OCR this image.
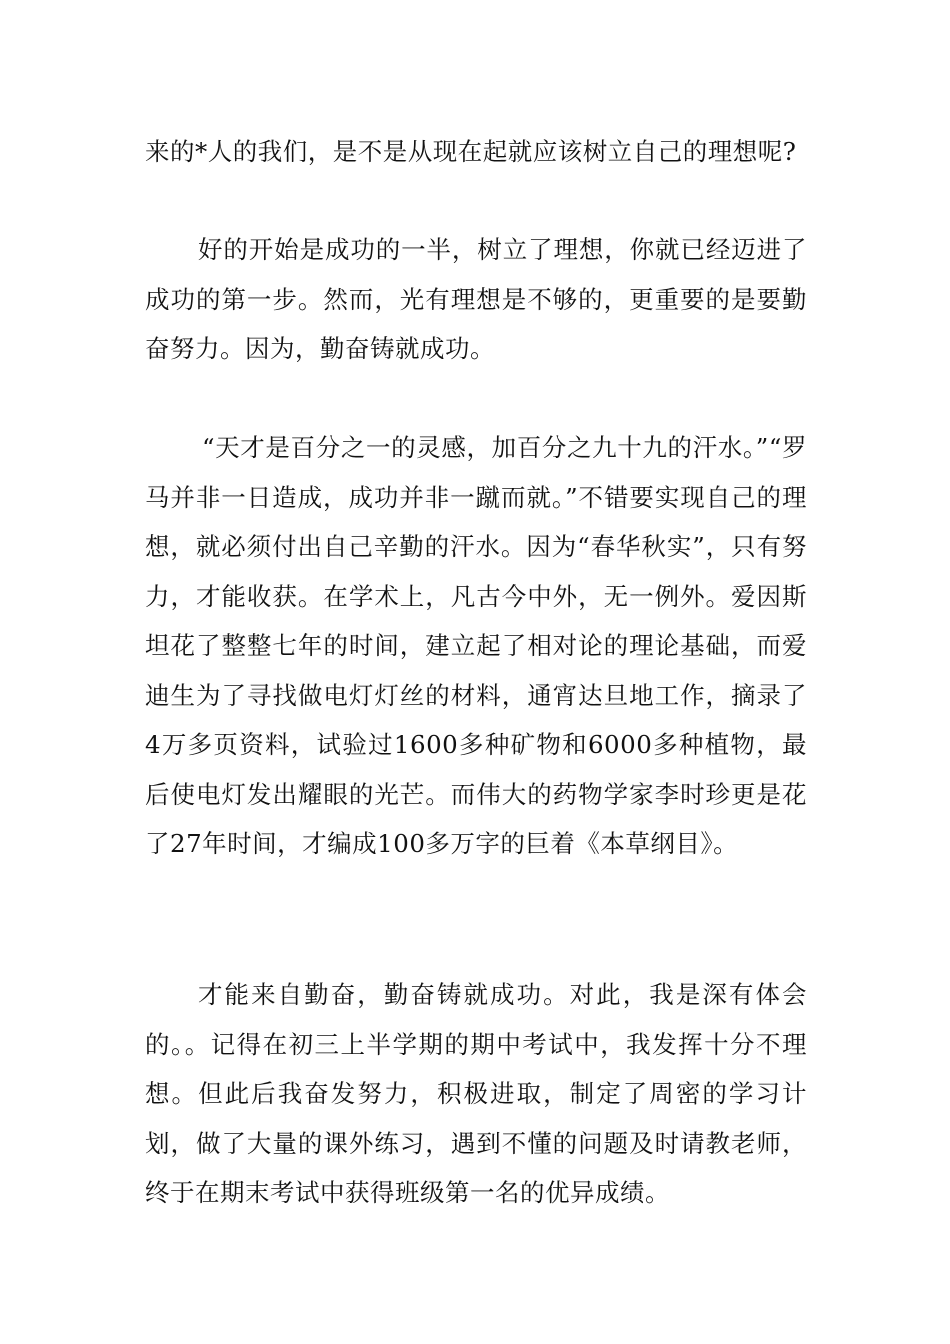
来的*人的我们，是不是从现在起就应该树立自己的理想呢?

好的开始是成功的一半，树立了理想，你就已经迈进了成功的第一步。然而，光有理想是不够的，更重要的是要勤奋努力。因为，勤奋铸就成功。

“天才是百分之一的灵感，加百分之九十九的汗水。”“罗马并非一日造成，成功并非一蹴而就。”不错要实现自己的理想，就必须付出自己辛勤的汗水。因为“春华秋实”，只有努力，才能收获。在学术上，凡古今中外，无一例外。爱因斯坦花了整整七年的时间，建立起了相对论的理论基础，而爱迪生为了寻找做电灯灯丝的材料，通宵达旦地工作，摘录了4万多页资料，试验过1600多种矿物和6000多种植物，最后使电灯发出耀眼的光芒。而伟大的药物学家李时珍更是花了27年时间，才编成100多万字的巨着《本草纲目》。

才能来自勤奋，勤奋铸就成功。对此，我是深有体会的。。记得在初三上半学期的期中考试中，我发挥十分不理想。但此后我奋发努力，积极进取，制定了周密的学习计划，做了大量的课外练习，遇到不懂的问题及时请教老师，终于在期末考试中获得班级第一名的优异成绩。
